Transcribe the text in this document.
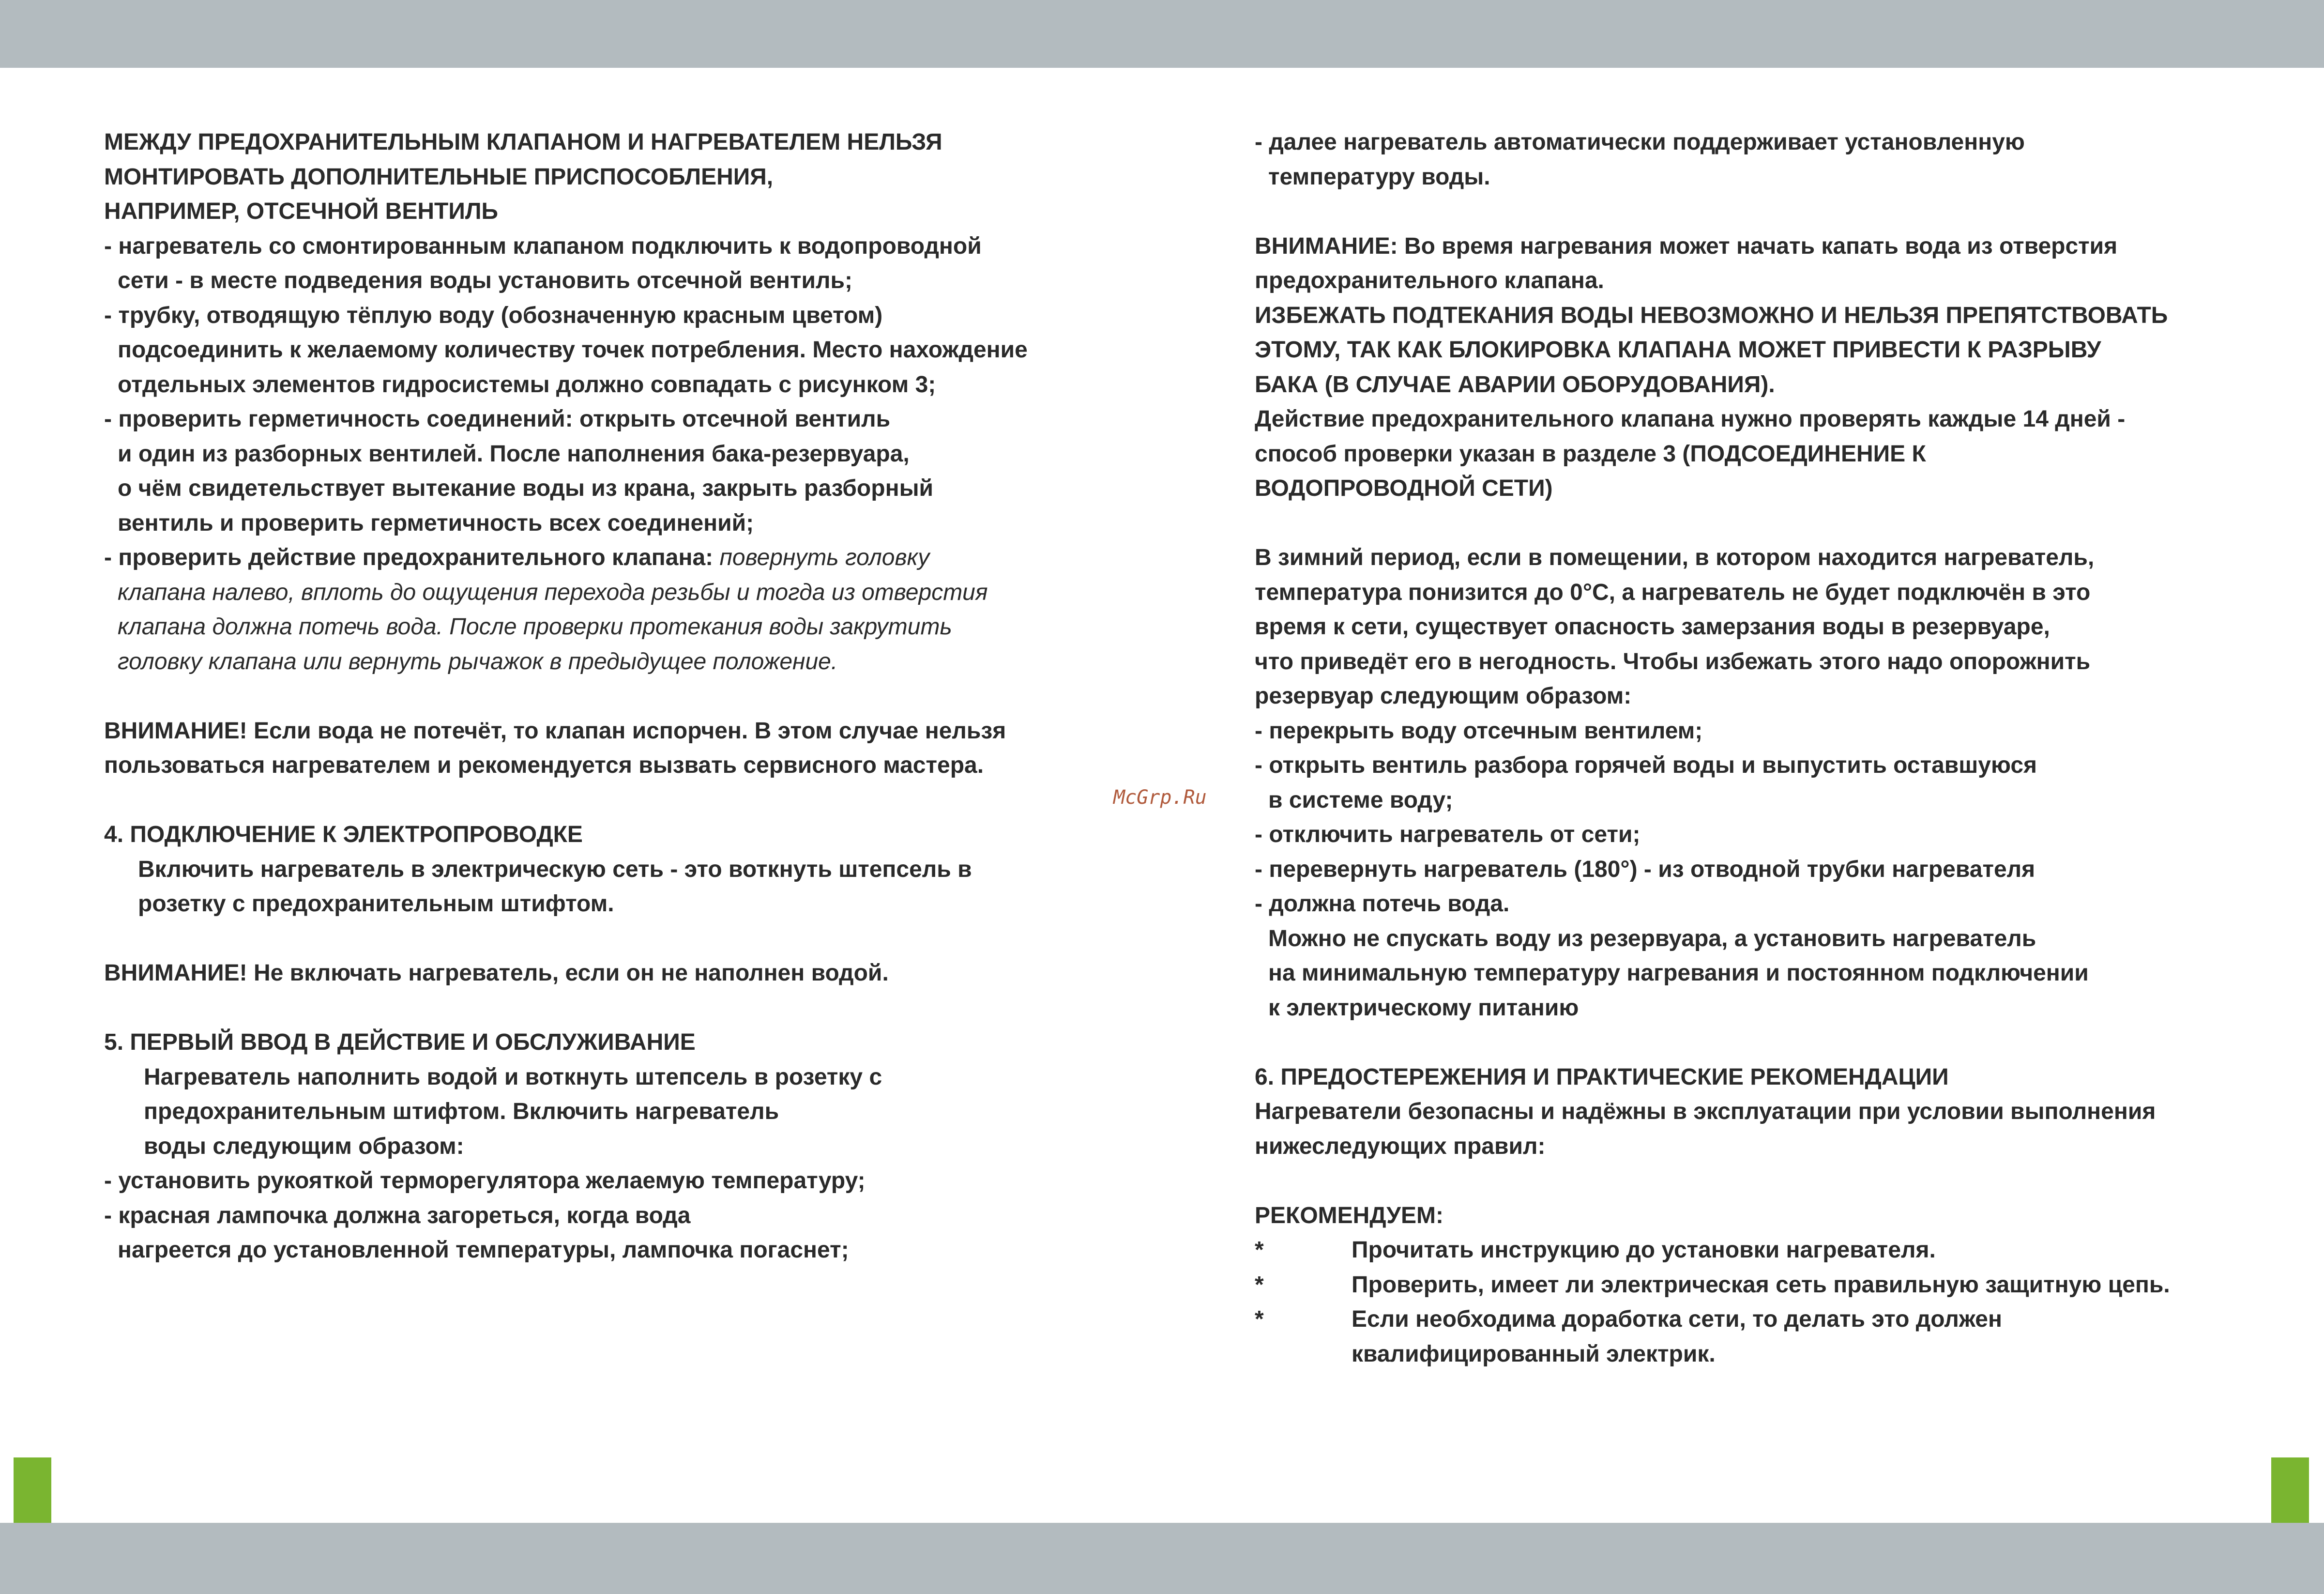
McGrp.Ru
МЕЖДУ ПРЕДОХРАНИТЕЛЬНЫМ КЛАПАНОМ И НАГРЕВАТЕЛЕМ НЕЛЬЗЯ
МОНТИРОВАТЬ ДОПОЛНИТЕЛЬНЫЕ ПРИСПОСОБЛЕНИЯ,
НАПРИМЕР, ОТСЕЧНОЙ ВЕНТИЛЬ
- нагреватель со смонтированным клапаном подключить к водопроводной
сети - в месте подведения воды установить отсечной вентиль;
- трубку, отводящую тёплую воду (обозначенную красным цветом)
подсоединить к желаемому количеству точек потребления. Место нахождение
отдельных элементов гидросистемы должно совпадать с рисунком 3;
- проверить герметичность соединений: открыть отсечной вентиль
и один из разборных вентилей. После наполнения бака-резервуара,
о чём свидетельствует вытекание воды из крана, закрыть разборный
вентиль и проверить герметичность всех соединений;
- проверить действие предохранительного клапана: повернуть головку
клапана налево, вплоть до ощущения перехода резьбы и тогда из отверстия
клапана должна потечь вода. После проверки протекания воды закрутить
головку клапана или вернуть рычажок в предыдущее положение.
ВНИМАНИЕ! Если вода не потечёт, то клапан испорчен. В этом случае нельзя
пользоваться нагревателем и рекомендуется вызвать сервисного мастера.
4. ПОДКЛЮЧЕНИЕ К ЭЛЕКТРОПРОВОДКЕ
Включить нагреватель в электрическую сеть - это воткнуть штепсель в
розетку с предохранительным штифтом.
ВНИМАНИЕ! Не включать нагреватель, если он не наполнен водой.
5. ПЕРВЫЙ ВВОД В ДЕЙСТВИЕ И ОБСЛУЖИВАНИЕ
Нагреватель наполнить водой и воткнуть штепсель в розетку с
предохранительным штифтом. Включить нагреватель
воды следующим образом:
- установить рукояткой терморегулятора желаемую температуру;
- красная лампочка должна загореться, когда вода
нагреется до установленной температуры, лампочка погаснет;
- далее нагреватель автоматически поддерживает установленную
температуру воды.
ВНИМАНИЕ: Во время нагревания может начать капать вода из отверстия
предохранительного клапана.
ИЗБЕЖАТЬ ПОДТЕКАНИЯ ВОДЫ НЕВОЗМОЖНО И НЕЛЬЗЯ ПРЕПЯТСТВОВАТЬ
ЭТОМУ, ТАК КАК БЛОКИРОВКА КЛАПАНА МОЖЕТ ПРИВЕСТИ К РАЗРЫВУ
БАКА (В СЛУЧАЕ АВАРИИ ОБОРУДОВАНИЯ).
Действие предохранительного клапана нужно проверять каждые 14 дней -
способ проверки указан в разделе 3 (ПОДСОЕДИНЕНИЕ К
ВОДОПРОВОДНОЙ СЕТИ)
В зимний период, если в помещении, в котором находится нагреватель,
температура понизится до 0°C, а нагреватель не будет подключён в это
время к сети, существует опасность замерзания воды в резервуаре,
что приведёт его в негодность. Чтобы избежать этого надо опорожнить
резервуар следующим образом:
- перекрыть воду отсечным вентилем;
- открыть вентиль разбора горячей воды и выпустить оставшуюся
в системе воду;
- отключить нагреватель от сети;
- перевернуть нагреватель (180°) - из отводной трубки нагревателя
- должна потечь вода.
Можно не спускать воду из резервуара, а установить нагреватель
на минимальную температуру нагревания и постоянном подключении
к электрическому питанию
6. ПРЕДОСТЕРЕЖЕНИЯ И ПРАКТИЧЕСКИЕ РЕКОМЕНДАЦИИ
Нагреватели безопасны и надёжны в эксплуатации при условии выполнения
нижеследующих правил:
РЕКОМЕНДУЕМ:
*	Прочитать инструкцию до установки нагревателя.
*	Проверить, имеет ли электрическая сеть правильную защитную цепь.
*	Если необходима доработка сети, то делать это должен
квалифицированный электрик.
